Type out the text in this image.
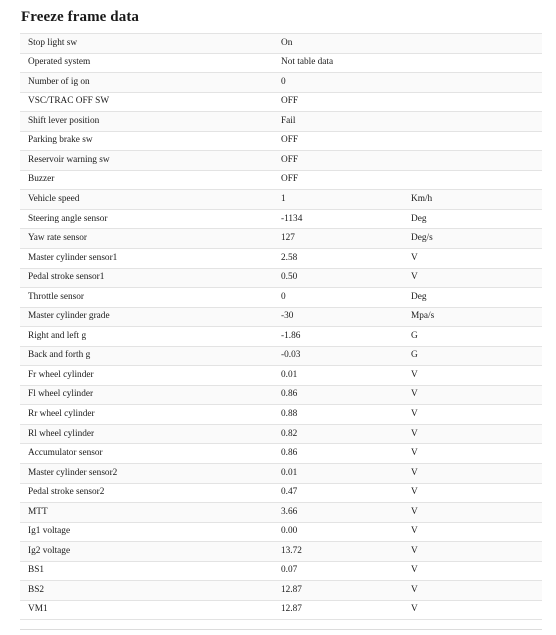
Freeze frame data
Stop light sw	On	
Operated system	Not table data	
Number of ig on	0	
VSC/TRAC OFF SW	OFF	
Shift lever position	Fail	
Parking brake sw	OFF	
Reservoir warning sw	OFF	
Buzzer	OFF	
Vehicle speed	1	Km/h
Steering angle sensor	-1134	Deg
Yaw rate sensor	127	Deg/s
Master cylinder sensor1	2.58	V
Pedal stroke sensor1	0.50	V
Throttle sensor	0	Deg
Master cylinder grade	-30	Mpa/s
Right and left g	-1.86	G
Back and forth g	-0.03	G
Fr wheel cylinder	0.01	V
Fl wheel cylinder	0.86	V
Rr wheel cylinder	0.88	V
Rl wheel cylinder	0.82	V
Accumulator sensor	0.86	V
Master cylinder sensor2	0.01	V
Pedal stroke sensor2	0.47	V
MTT	3.66	V
Ig1 voltage	0.00	V
Ig2 voltage	13.72	V
BS1	0.07	V
BS2	12.87	V
VM1	12.87	V
